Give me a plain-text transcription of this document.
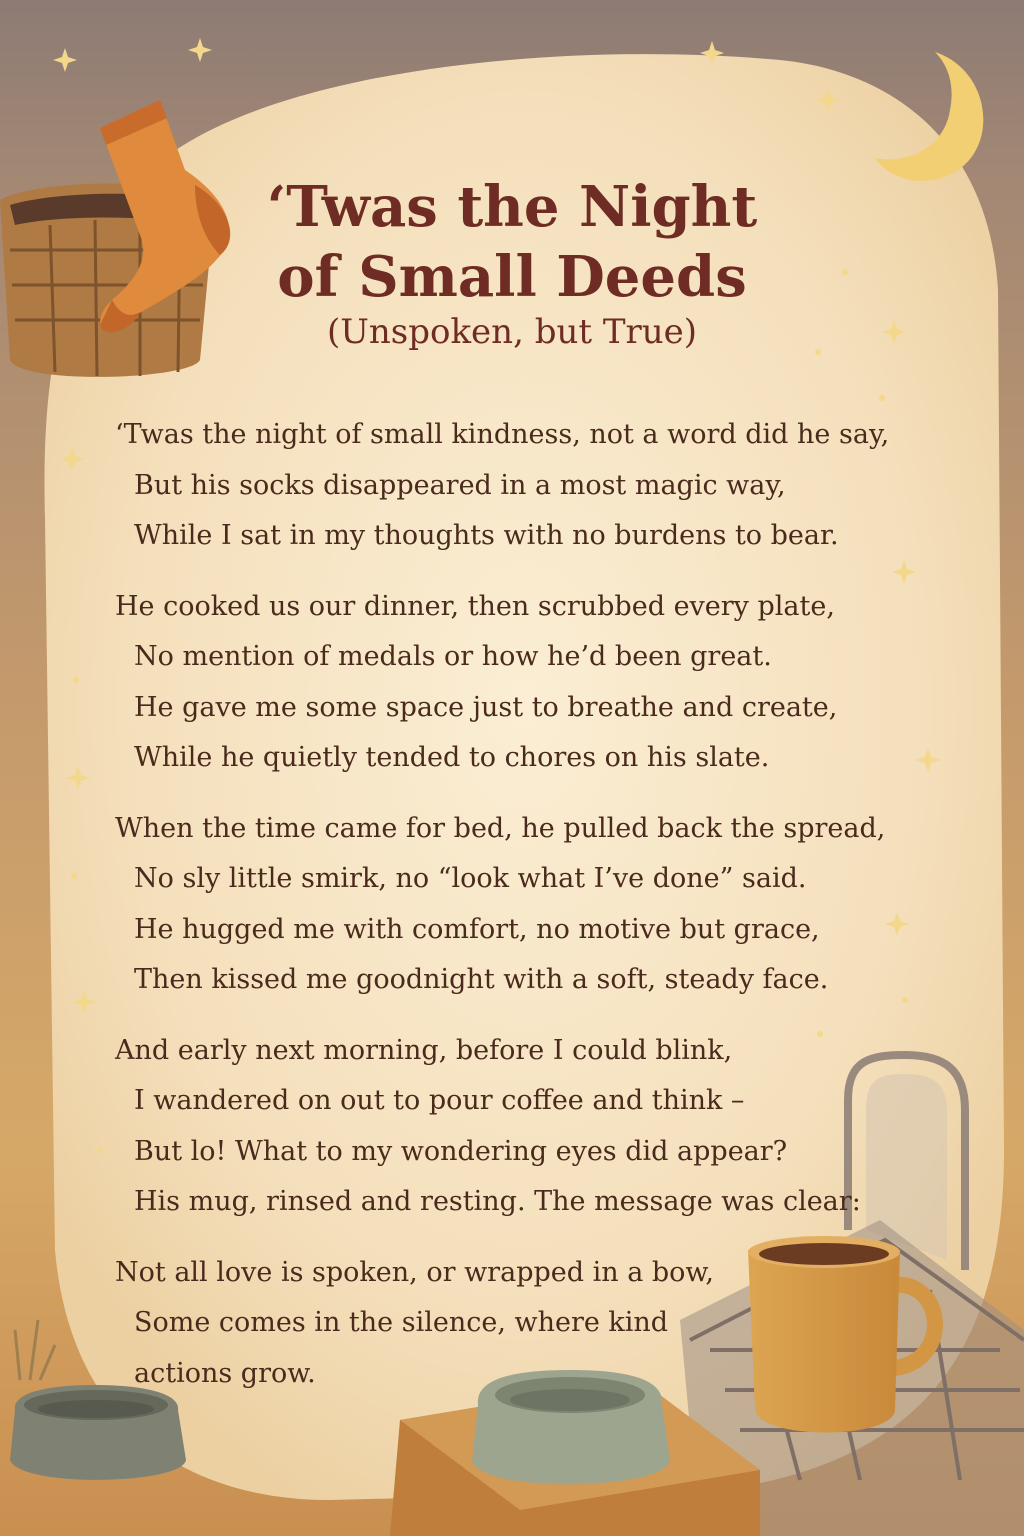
‘Twas the Night
of Small Deeds
(Unspoken, but True)
‘Twas the night of small kindness, not a word did he say,
But his socks disappeared in a most magic way,
While I sat in my thoughts with no burdens to bear.
He cooked us our dinner, then scrubbed every plate,
No mention of medals or how he’d been great.
He gave me some space just to breathe and create,
While he quietly tended to chores on his slate.
When the time came for bed, he pulled back the spread,
No sly little smirk, no “look what I’ve done” said.
He hugged me with comfort, no motive but grace,
Then kissed me goodnight with a soft, steady face.
And early next morning, before I could blink,
I wandered on out to pour coffee and think –
But lo! What to my wondering eyes did appear?
His mug, rinsed and resting. The message was clear:
Not all love is spoken, or wrapped in a bow,
Some comes in the silence, where kind
actions grow.
